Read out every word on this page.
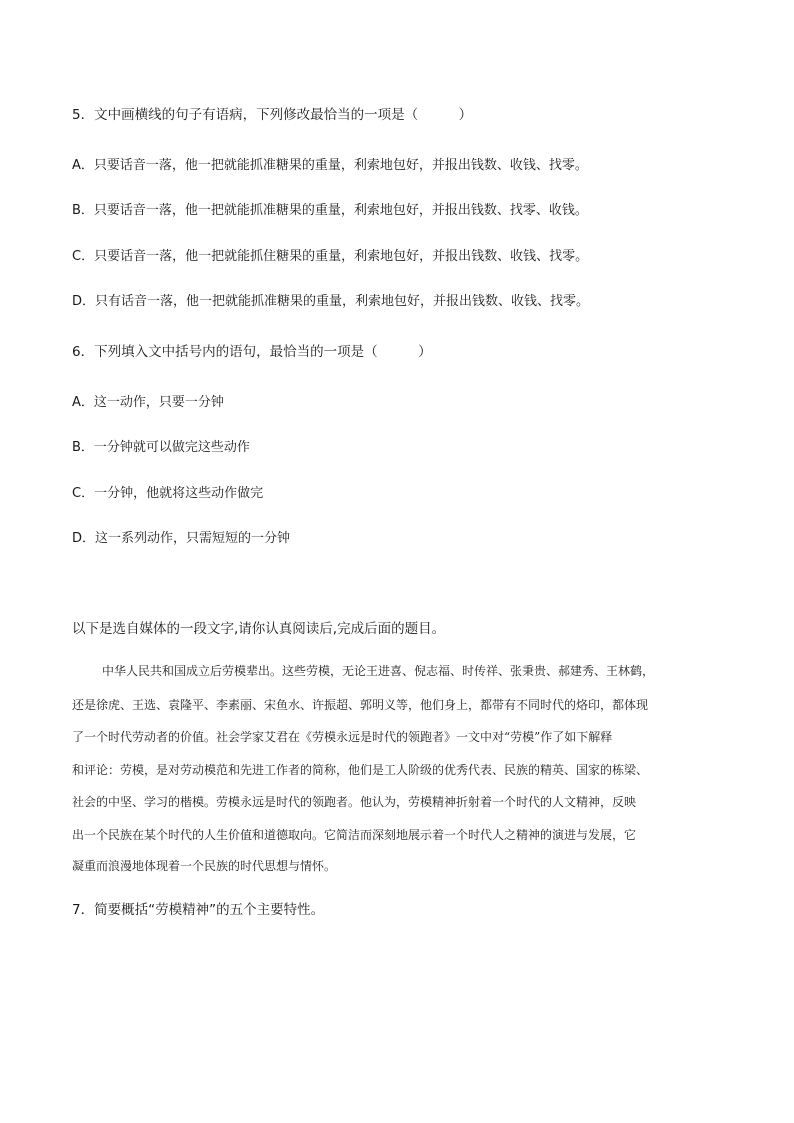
5．文中画横线的句子有语病，下列修改最恰当的一项是（　　　）
A．只要话音一落，他一把就能抓准糖果的重量，利索地包好，并报出钱数、收钱、找零。
B．只要话音一落，他一把就能抓准糖果的重量，利索地包好，并报出钱数、找零、收钱。
C．只要话音一落，他一把就能抓住糖果的重量，利索地包好，并报出钱数、收钱、找零。
D．只有话音一落，他一把就能抓准糖果的重量，利索地包好，并报出钱数、收钱、找零。
6．下列填入文中括号内的语句，最恰当的一项是（　　　）
A．这一动作，只要一分钟
B．一分钟就可以做完这些动作
C．一分钟，他就将这些动作做完
D．这一系列动作，只需短短的一分钟
以下是选自媒体的一段文字,请你认真阅读后,完成后面的题目。
中华人民共和国成立后劳模辈出。这些劳模，无论王进喜、倪志福、时传祥、张秉贵、郝建秀、王林鹤，
还是徐虎、王选、袁隆平、李素丽、宋鱼水、许振超、郭明义等，他们身上，都带有不同时代的烙印，都体现
了一个时代劳动者的价值。社会学家艾君在《劳模永远是时代的领跑者》一文中对“劳模”作了如下解释
和评论：劳模，是对劳动模范和先进工作者的简称，他们是工人阶级的优秀代表、民族的精英、国家的栋梁、
社会的中坚、学习的楷模。劳模永远是时代的领跑者。他认为，劳模精神折射着一个时代的人文精神，反映
出一个民族在某个时代的人生价值和道德取向。它简洁而深刻地展示着一个时代人之精神的演进与发展，它
凝重而浪漫地体现着一个民族的时代思想与情怀。
7．简要概括“劳模精神”的五个主要特性。
